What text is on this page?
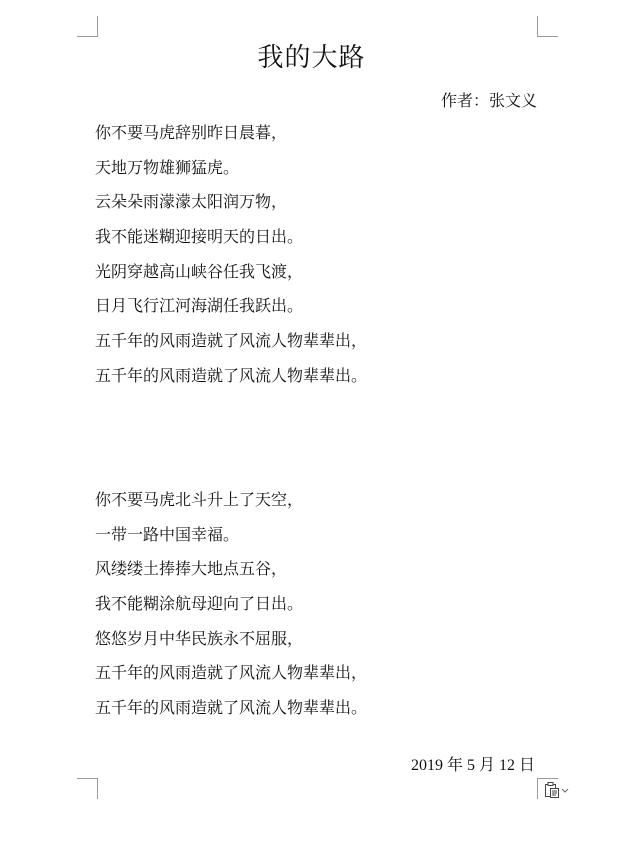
我的大路
作者：张文义
你不要马虎辞别昨日晨暮，
天地万物雄狮猛虎。
云朵朵雨濛濛太阳润万物，
我不能迷糊迎接明天的日出。
光阴穿越高山峡谷任我飞渡，
日月飞行江河海湖任我跃出。
五千年的风雨造就了风流人物辈辈出，
五千年的风雨造就了风流人物辈辈出。
你不要马虎北斗升上了天空，
一带一路中国幸福。
风缕缕土捧捧大地点五谷，
我不能糊涂航母迎向了日出。
悠悠岁月中华民族永不屈服，
五千年的风雨造就了风流人物辈辈出，
五千年的风雨造就了风流人物辈辈出。
2019 年 5 月 12 日
